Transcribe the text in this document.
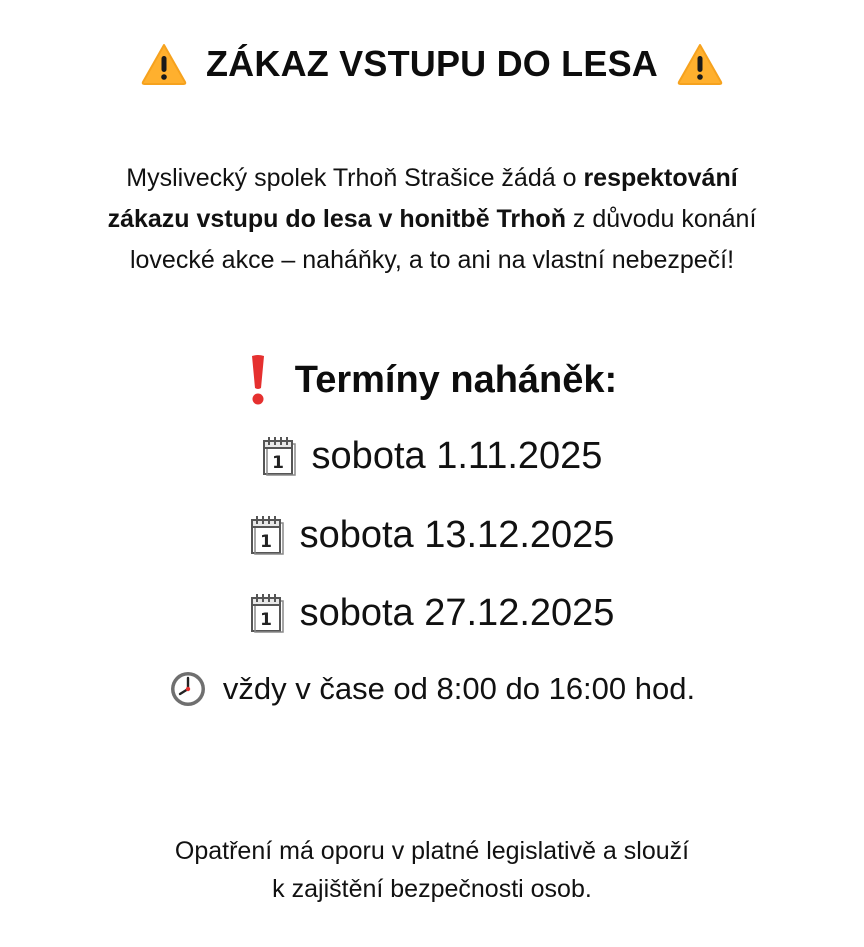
ZÁKAZ VSTUPU DO LESA
Myslivecký spolek Trhoň Strašice žádá o respektování
zákazu vstupu do lesa v honitbě Trhoň z důvodu konání
lovecké akce – naháňky, a to ani na vlastní nebezpečí!
Termíny naháněk:
1 sobota 1.11.2025
1 sobota 13.12.2025
1 sobota 27.12.2025
vždy v čase od 8:00 do 16:00 hod.
Opatření má oporu v platné legislativě a slouží
k zajištění bezpečnosti osob.
